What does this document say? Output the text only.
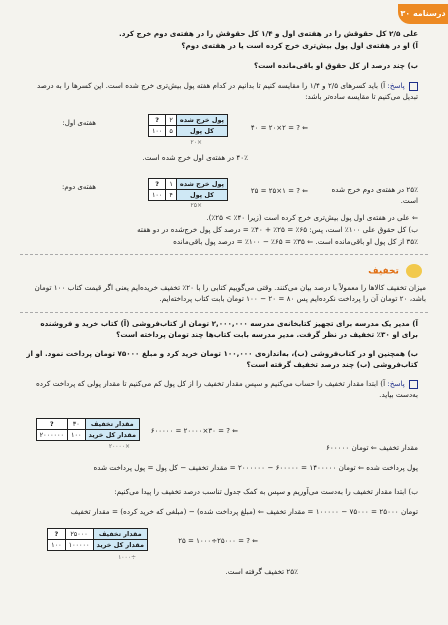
درسنامه ۳۰
علی ۲/۵ کل حقوقش را در هفته‌ی اول و ۱/۴ کل حقوقش را در هفته‌ی دوم خرج کرد.
آ) او در هفته‌ی اول پول بیش‌تری خرج کرده است یا در هفته‌ی دوم؟
ب) چند درصد از کل حقوق او باقی‌مانده است؟
پاسخ: آ) باید کسرهای ۲/۵ و ۱/۴ را مقایسه کنیم تا بدانیم در کدام هفته پول بیش‌تری خرج شده است. این کسرها را به درصد تبدیل می‌کنیم تا مقایسه ساده‌تر باشد:
هفته‌ی اول:	پول خرج شده	۲	?
کل پول	۵	۱۰۰	⇐ ? = ۲×۲۰ = ۴۰
×۲۰
۴۰٪ در هفته‌ی اول خرج شده است.
هفته‌ی دوم:	پول خرج شده	۱	?
کل پول	۴	۱۰۰
⇐ ? = ۱×۲۵ = ۲۵
×۲۵
۲۵٪ در هفته‌ی دوم خرج شده است.
⇐ علی در هفته‌ی اول پول بیش‌تری خرج کرده است (زیرا ۴۰٪ > ۲۵٪).
ب) کل حقوق علی ۱۰۰٪ است، پس: ۶۵٪ = ۲۵٪ + ۴۰٪ = درصد کل پول خرج‌شده در دو هفته
۳۵٪ از کل پول او باقی‌مانده است. ⇐ ۳۵٪ = ۶۵٪ − ۱۰۰٪ = درصد پول باقی‌مانده
تخفیف
میزان تخفیف کالاها را معمولاً با درصد بیان می‌کنند. وقتی می‌گوییم کتابی را با ۲۰٪ تخفیف خریده‌ایم یعنی اگر قیمت کتاب ۱۰۰ تومان باشد، ۲۰ تومان آن را پرداخت نکرده‌ایم پس ۸۰ = ۲۰ − ۱۰۰ تومان بابت کتاب پرداخته‌ایم.
آ) مدیر یک مدرسه برای تجهیز کتابخانه‌ی مدرسه ۲,۰۰۰,۰۰۰ تومان از کتاب‌فروشی (آ) کتاب خرید و فروشنده برای او ۳۰٪ تخفیف در نظر گرفت. مدیر مدرسه بابت کتاب‌ها چند تومان پرداخته است؟
ب) همچنین او در کتاب‌فروشی (ب)، به‌اندازه‌ی ۱۰۰,۰۰۰ تومان خرید کرد و مبلغ ۷۵۰۰۰ تومان پرداخت نمود. او از کتاب‌فروشی (ب) چند درصد تخفیف گرفته است؟
پاسخ: آ) ابتدا مقدار تخفیف را حساب می‌کنیم و سپس مقدار تخفیف را از کل پول کم می‌کنیم تا مقدار پولی که پرداخت کرده به‌دست بیاید.
مقدار تخفیف	۳۰	?
مقدار کل خرید	۱۰۰	۲۰۰۰۰۰۰
⇐ ? = ۳۰×۲۰۰۰۰ = ۶۰۰۰۰۰
×۲۰۰۰۰	مقدار تخفیف ⇐ تومان ۶۰۰۰۰۰
پول پرداخت شده ⇐ تومان ۱۴۰۰۰۰۰ = ۶۰۰۰۰۰ − ۲۰۰۰۰۰۰ = مقدار تخفیف − کل پول = پول پرداخت شده
ب) ابتدا مقدار تخفیف را به‌دست می‌آوریم و سپس به کمک جدول تناسب درصد تخفیف را پیدا می‌کنیم:
تومان ۲۵۰۰۰ = ۷۵۰۰۰ − ۱۰۰۰۰۰ = مقدار تخفیف ⇐ (مبلغ پرداخت شده) − (مبلغی که خرید کرده) = مقدار تخفیف
مقدار تخفیف	۲۵۰۰۰	?
مقدار کل خرید	۱۰۰۰۰۰	۱۰۰
⇐ ? = ۲۵۰۰۰÷۱۰۰۰ = ۲۵
÷۱۰۰۰
۲۵٪ تخفیف گرفته است.
